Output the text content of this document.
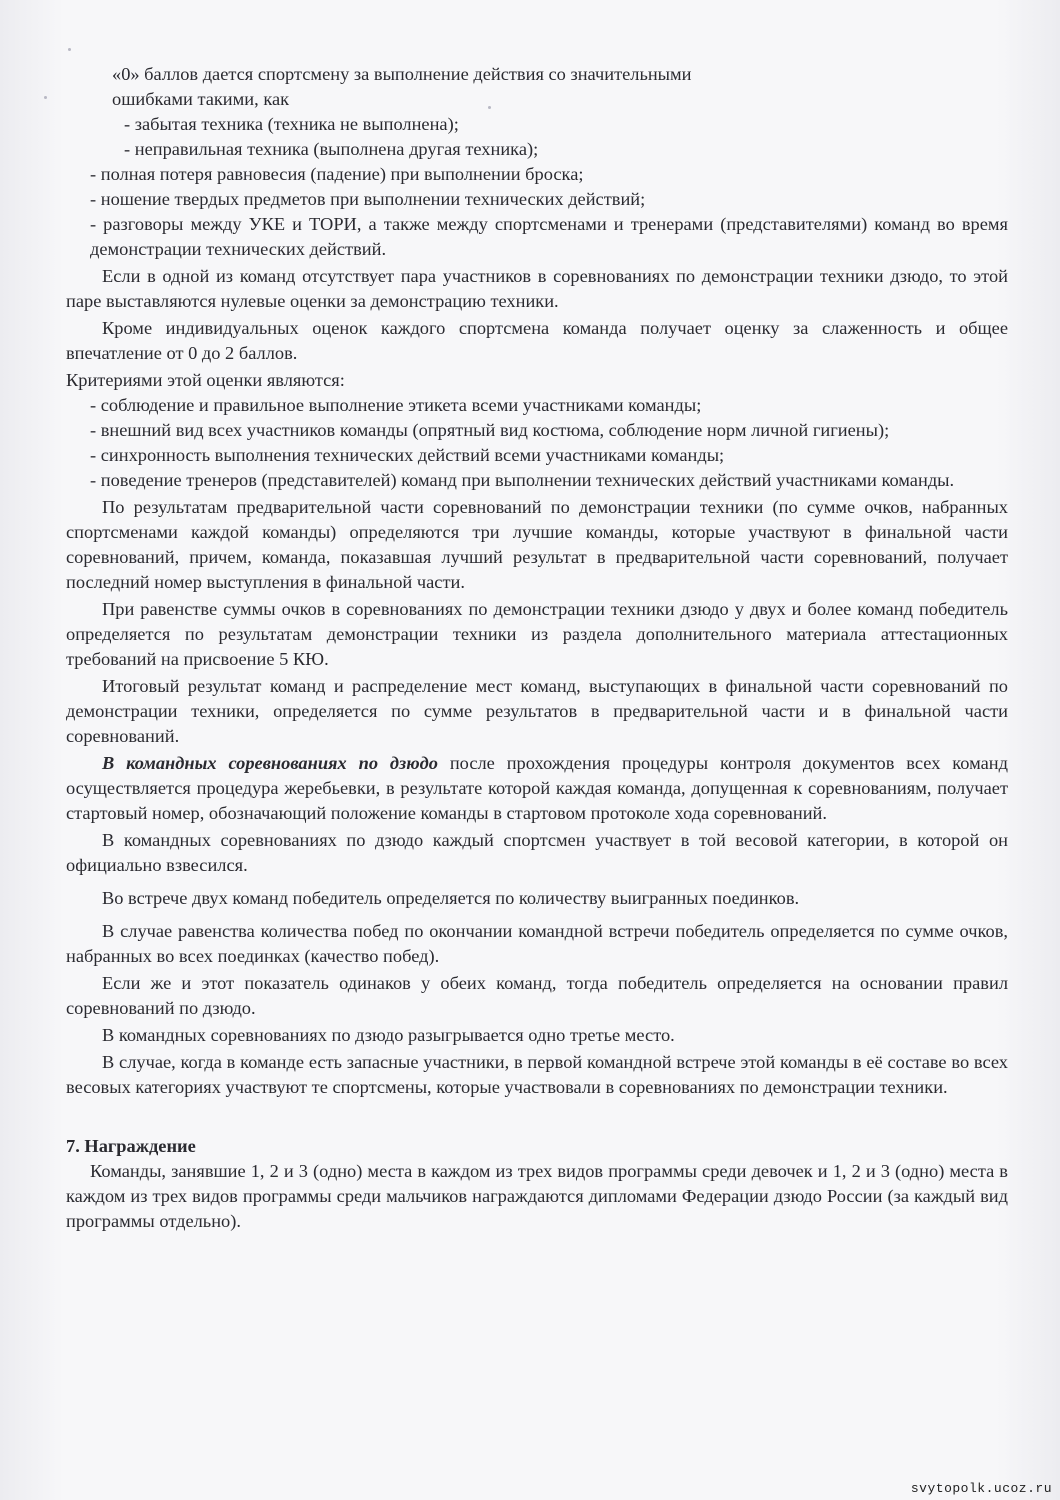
«0» баллов дается спортсмену за выполнение действия со значительными

ошибками такими, как

- забытая техника (техника не выполнена);

- неправильная техника (выполнена другая техника);

- полная потеря равновесия (падение) при выполнении броска;

- ношение твердых предметов при выполнении технических действий;

- разговоры между УКЕ и ТОРИ, а также между спортсменами и тренерами (представителями) команд во время демонстрации технических действий.

Если в одной из команд отсутствует пара участников в соревнованиях по демонстрации техники дзюдо, то этой паре выставляются нулевые оценки за демонстрацию техники.

Кроме индивидуальных оценок каждого спортсмена команда получает оценку за слаженность и общее впечатление от 0 до 2 баллов.

Критериями этой оценки являются:

- соблюдение и правильное выполнение этикета всеми участниками команды;

- внешний вид всех участников команды (опрятный вид костюма, соблюдение норм личной гигиены);

- синхронность выполнения технических действий всеми участниками команды;

- поведение тренеров (представителей) команд при выполнении технических действий участниками команды.

По результатам предварительной части соревнований по демонстрации техники (по сумме очков, набранных спортсменами каждой команды) определяются три лучшие команды, которые участвуют в финальной части соревнований, причем, команда, показавшая лучший результат в предварительной части соревнований, получает последний номер выступления в финальной части.

При равенстве суммы очков в соревнованиях по демонстрации техники дзюдо у двух и более команд победитель определяется по результатам демонстрации техники из раздела дополнительного материала аттестационных требований на присвоение 5 КЮ.

Итоговый результат команд и распределение мест команд, выступающих в финальной части соревнований по демонстрации техники, определяется по сумме результатов в предварительной части и в финальной части соревнований.

В командных соревнованиях по дзюдо после прохождения процедуры контроля документов всех команд осуществляется процедура жеребьевки, в результате которой каждая команда, допущенная к соревнованиям, получает стартовый номер, обозначающий положение команды в стартовом протоколе хода соревнований.

В командных соревнованиях по дзюдо каждый спортсмен участвует в той весовой категории, в которой он официально взвесился.

Во встрече двух команд победитель определяется по количеству выигранных поединков.

В случае равенства количества побед по окончании командной встречи победитель определяется по сумме очков, набранных во всех поединках (качество побед).

Если же и этот показатель одинаков у обеих команд, тогда победитель определяется на основании правил соревнований по дзюдо.

В командных соревнованиях по дзюдо разыгрывается одно третье место.

В случае, когда в команде есть запасные участники, в первой командной встрече этой команды в её составе во всех весовых категориях участвуют те спортсмены, которые участвовали в соревнованиях по демонстрации техники.

7. Награждение

Команды, занявшие 1, 2 и 3 (одно) места в каждом из трех видов программы среди девочек и 1, 2 и 3 (одно) места в каждом из трех видов программы среди мальчиков награждаются дипломами Федерации дзюдо России (за каждый вид программы отдельно).

svytopolk.ucoz.ru
